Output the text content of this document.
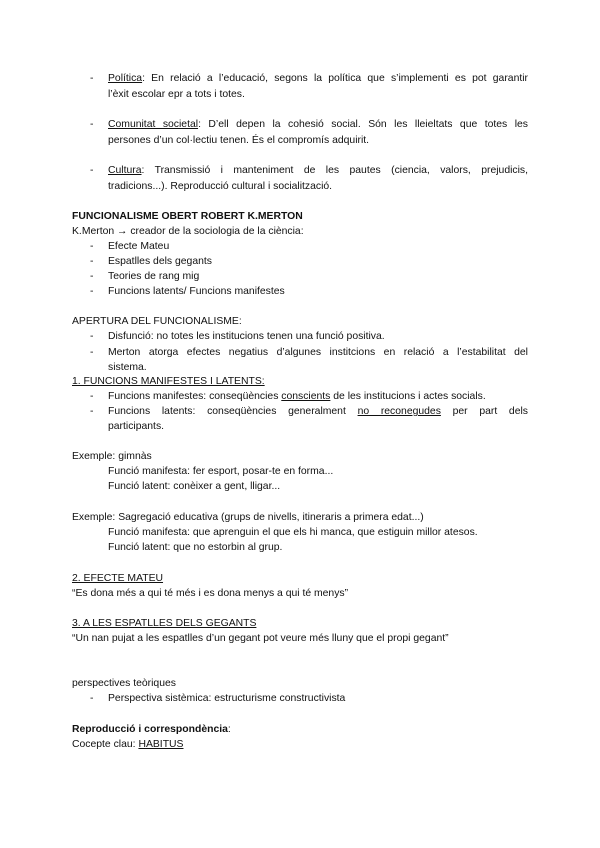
- Política: En relació a l’educació, segons la política que s’implementi es pot garantir
l’èxit escolar epr a tots i totes.
- Comunitat societal: D’ell depen la cohesió social. Són les lleieltats que totes les
persones d’un col·lectiu tenen. És el compromís adquirit.
- Cultura: Transmissió i manteniment de les pautes (ciencia, valors, prejudicis,
tradicions...). Reproducció cultural i socialització.
FUNCIONALISME OBERT ROBERT K.MERTON
K.Merton → creador de la sociologia de la ciència:
- Efecte Mateu
- Espatlles dels gegants
- Teories de rang mig
- Funcions latents/ Funcions manifestes
APERTURA DEL FUNCIONALISME:
- Disfunció: no totes les institucions tenen una funció positiva.
- Merton atorga efectes negatius d’algunes institcions en relació a l’estabilitat del
sistema.
1. FUNCIONS MANIFESTES I LATENTS:
- Funcions manifestes: conseqüències conscients de les institucions i actes socials.
- Funcions latents: conseqüències generalment no reconegudes per part dels
participants.
Exemple: gimnàs
Funció manifesta: fer esport, posar-te en forma...
Funció latent: conèixer a gent, lligar...
Exemple: Sagregació educativa (grups de nivells, itineraris a primera edat...)
Funció manifesta: que aprenguin el que els hi manca, que estiguin millor atesos.
Funció latent: que no estorbin al grup.
2. EFECTE MATEU
“Es dona més a qui té més i es dona menys a qui té menys”
3. A LES ESPATLLES DELS GEGANTS
“Un nan pujat a les espatlles d’un gegant pot veure més lluny que el propi gegant”
perspectives teòriques
- Perspectiva sistèmica: estructurisme constructivista
Reproducció i correspondència:
Cocepte clau: HABITUS
